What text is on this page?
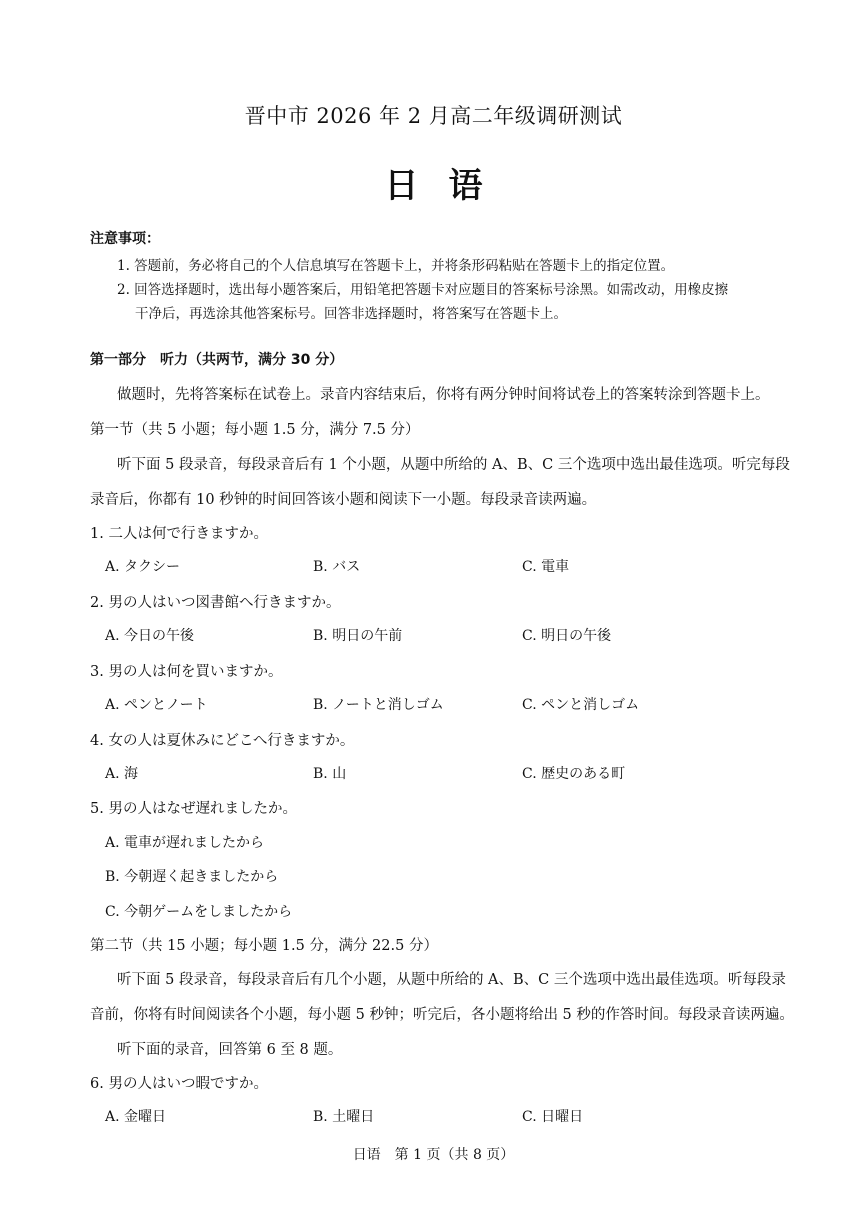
晋中市 2026 年 2 月高二年级调研测试
日语
注意事项：
1. 答题前，务必将自己的个人信息填写在答题卡上，并将条形码粘贴在答题卡上的指定位置。
2. 回答选择题时，选出每小题答案后，用铅笔把答题卡对应题目的答案标号涂黑。如需改动，用橡皮擦
干净后，再选涂其他答案标号。回答非选择题时，将答案写在答题卡上。
第一部分　听力（共两节，满分 30 分）
做题时，先将答案标在试卷上。录音内容结束后，你将有两分钟时间将试卷上的答案转涂到答题卡上。
第一节（共 5 小题；每小题 1.5 分，满分 7.5 分）
听下面 5 段录音，每段录音后有 1 个小题，从题中所给的 A、B、C 三个选项中选出最佳选项。听完每段
录音后，你都有 10 秒钟的时间回答该小题和阅读下一小题。每段录音读两遍。
1. 二人は何で行きますか。
A. タクシー	B. バス	C. 電車
2. 男の人はいつ図書館へ行きますか。
A. 今日の午後	B. 明日の午前	C. 明日の午後
3. 男の人は何を買いますか。
A. ペンとノート	B. ノートと消しゴム	C. ペンと消しゴム
4. 女の人は夏休みにどこへ行きますか。
A. 海	B. 山	C. 歴史のある町
5. 男の人はなぜ遅れましたか。
A. 電車が遅れましたから
B. 今朝遅く起きましたから
C. 今朝ゲームをしましたから
第二节（共 15 小题；每小题 1.5 分，满分 22.5 分）
听下面 5 段录音，每段录音后有几个小题，从题中所给的 A、B、C 三个选项中选出最佳选项。听每段录
音前，你将有时间阅读各个小题，每小题 5 秒钟；听完后，各小题将给出 5 秒的作答时间。每段录音读两遍。
听下面的录音，回答第 6 至 8 题。
6. 男の人はいつ暇ですか。
A. 金曜日	B. 土曜日	C. 日曜日
日语　第 1 页（共 8 页）
